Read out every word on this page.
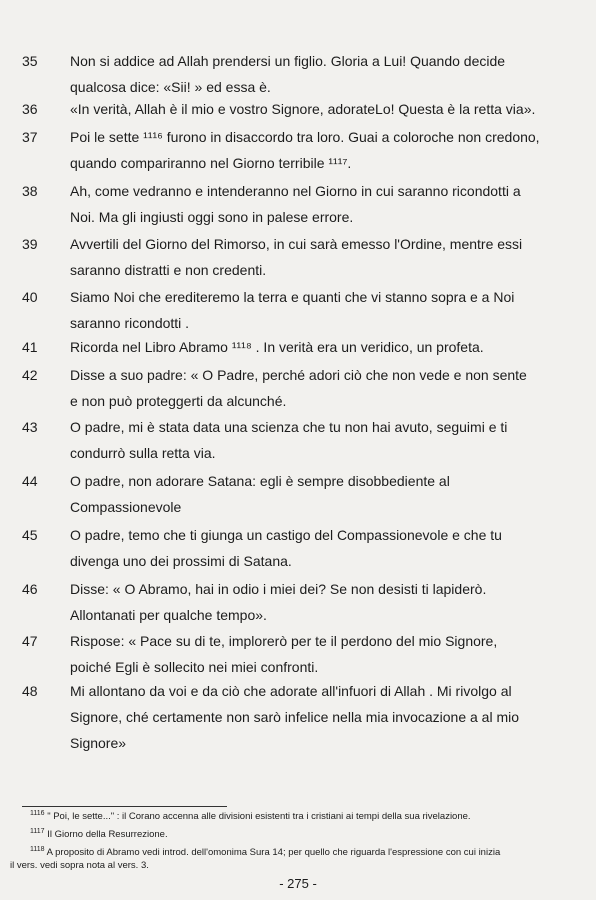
35	Non si addice ad Allah prendersi un figlio. Gloria a Lui! Quando decide
qualcosa dice: «Sii! » ed essa è.
36	«In verità, Allah è il mio e vostro Signore, adorateLo! Questa è la retta via».
37	Poi le sette ¹¹¹⁶ furono in disaccordo tra loro. Guai a coloroche non credono,
quando compariranno nel Giorno terribile ¹¹¹⁷.
38	Ah, come vedranno e intenderanno nel Giorno in cui saranno ricondotti a
Noi. Ma gli ingiusti oggi sono in palese errore.
39	Avvertili del Giorno del Rimorso, in cui sarà emesso l'Ordine, mentre essi
saranno distratti e non credenti.
40	Siamo Noi che erediteremo la terra e quanti che vi stanno sopra e a Noi
saranno ricondotti .
41	Ricorda nel Libro Abramo ¹¹¹⁸ . In verità era un veridico, un profeta.
42	Disse a suo padre: « O Padre, perché adori ciò che non vede e non sente
e non può proteggerti da alcunché.
43	O padre, mi è stata data una scienza che tu non hai avuto, seguimi e ti
condurrò sulla retta via.
44	O padre, non adorare Satana: egli è sempre disobbediente al
Compassionevole
45	O padre, temo che ti giunga un castigo del Compassionevole e che tu
divenga uno dei prossimi di Satana.
46	Disse: « O Abramo, hai in odio i miei dei? Se non desisti ti lapiderò.
Allontanati per qualche tempo».
47	Rispose: « Pace su di te, implorerò per te il perdono del mio Signore,
poiché Egli è sollecito nei miei confronti.
48	Mi allontano da voi e da ciò che adorate all'infuori di Allah . Mi rivolgo al
Signore, ché certamente non sarò infelice nella mia invocazione a al mio
Signore»
$^{1116}$ " Poi, le sette..." : il Corano accenna alle divisioni esistenti tra i cristiani ai tempi della sua rivelazione.
$^{1117}$ Il Giorno della Resurrezione.
$^{1118}$ A proposito di Abramo vedi introd. dell'omonima Sura 14; per quello che riguarda l'espressione con cui inizia
il vers. vedi sopra nota al vers. 3.
- 275 -
